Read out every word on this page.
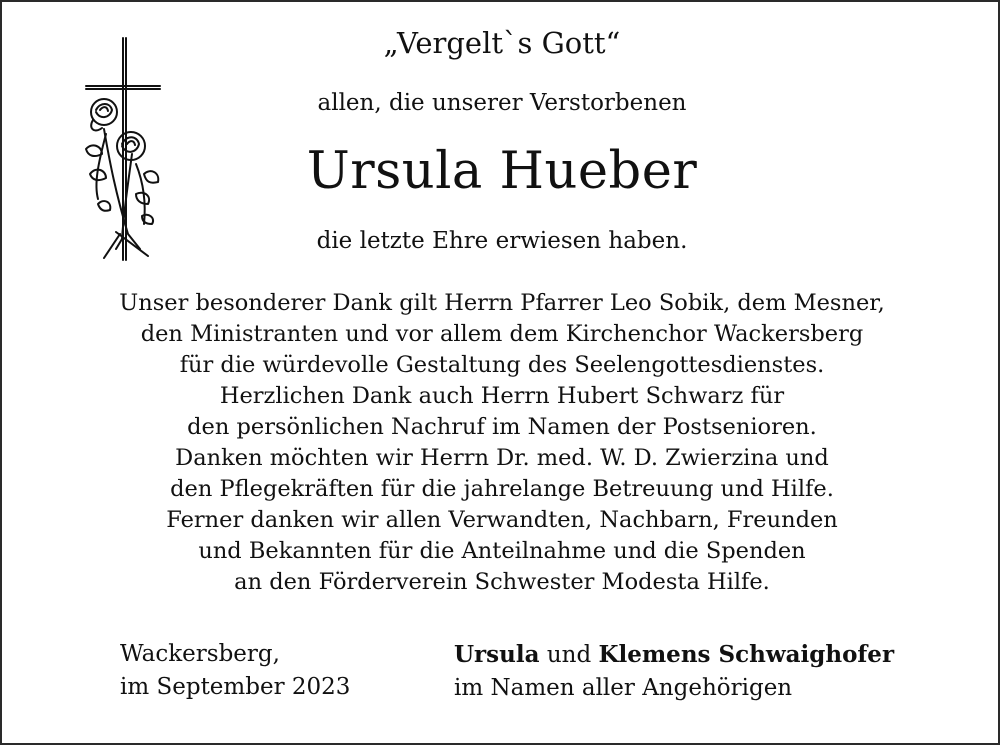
„Vergelt`s Gott“
allen, die unserer Verstorbenen
Ursula Hueber
die letzte Ehre erwiesen haben.
Unser besonderer Dank gilt Herrn Pfarrer Leo Sobik, dem Mesner,
den Ministranten und vor allem dem Kirchenchor Wackersberg
für die würdevolle Gestaltung des Seelengottesdienstes.
Herzlichen Dank auch Herrn Hubert Schwarz für
den persönlichen Nachruf im Namen der Postsenioren.
Danken möchten wir Herrn Dr. med. W. D. Zwierzina und
den Pflegekräften für die jahrelange Betreuung und Hilfe.
Ferner danken wir allen Verwandten, Nachbarn, Freunden
und Bekannten für die Anteilnahme und die Spenden
an den Förderverein Schwester Modesta Hilfe.
Wackersberg,
im September 2023
Ursula und Klemens Schwaighofer
im Namen aller Angehörigen
